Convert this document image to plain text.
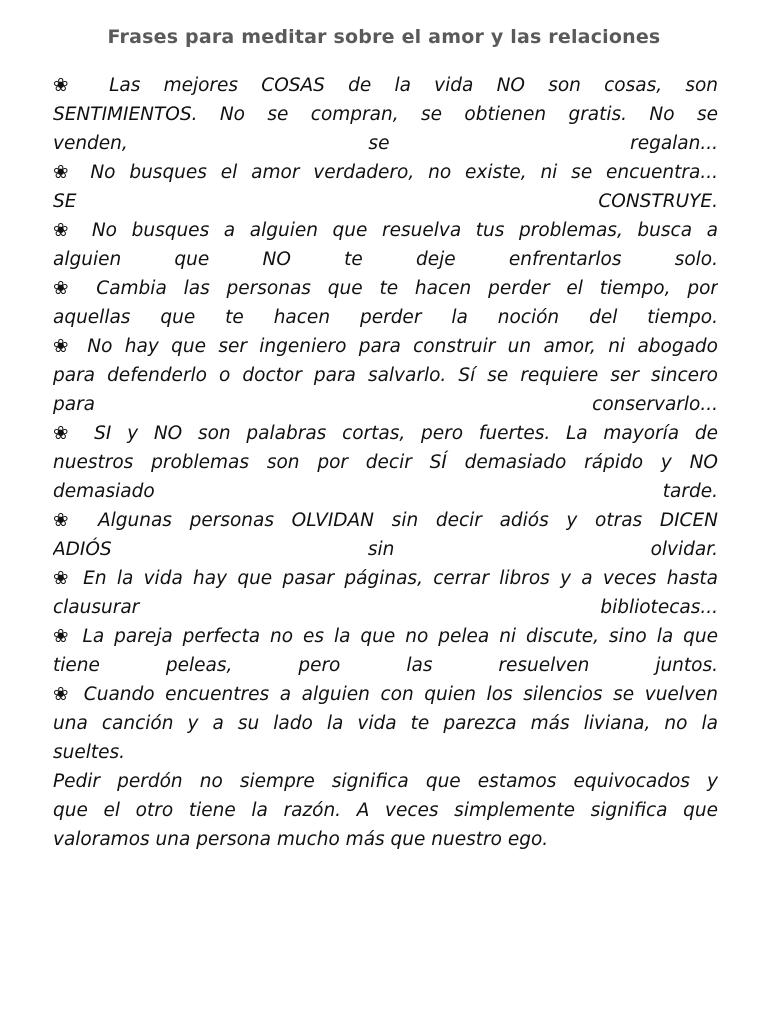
Frases para meditar sobre el amor y las relaciones
❀ Las mejores COSAS de la vida NO son cosas, son
SENTIMIENTOS. No se compran, se obtienen gratis. No se
venden, se regalan...
❀ No busques el amor verdadero, no existe, ni se encuentra...
SE CONSTRUYE.
❀ No busques a alguien que resuelva tus problemas, busca a
alguien que NO te deje enfrentarlos solo.
❀ Cambia las personas que te hacen perder el tiempo, por
aquellas que te hacen perder la noción del tiempo.
❀ No hay que ser ingeniero para construir un amor, ni abogado
para defenderlo o doctor para salvarlo. Sí se requiere ser sincero
para conservarlo...
❀ SI y NO son palabras cortas, pero fuertes. La mayoría de
nuestros problemas son por decir SÍ demasiado rápido y NO
demasiado tarde.
❀ Algunas personas OLVIDAN sin decir adiós y otras DICEN
ADIÓS sin olvidar.
❀ En la vida hay que pasar páginas, cerrar libros y a veces hasta
clausurar bibliotecas...
❀ La pareja perfecta no es la que no pelea ni discute, sino la que
tiene peleas, pero las resuelven juntos.
❀ Cuando encuentres a alguien con quien los silencios se vuelven
una canción y a su lado la vida te parezca más liviana, no la
sueltes.
Pedir perdón no siempre significa que estamos equivocados y
que el otro tiene la razón. A veces simplemente significa que
valoramos una persona mucho más que nuestro ego.
